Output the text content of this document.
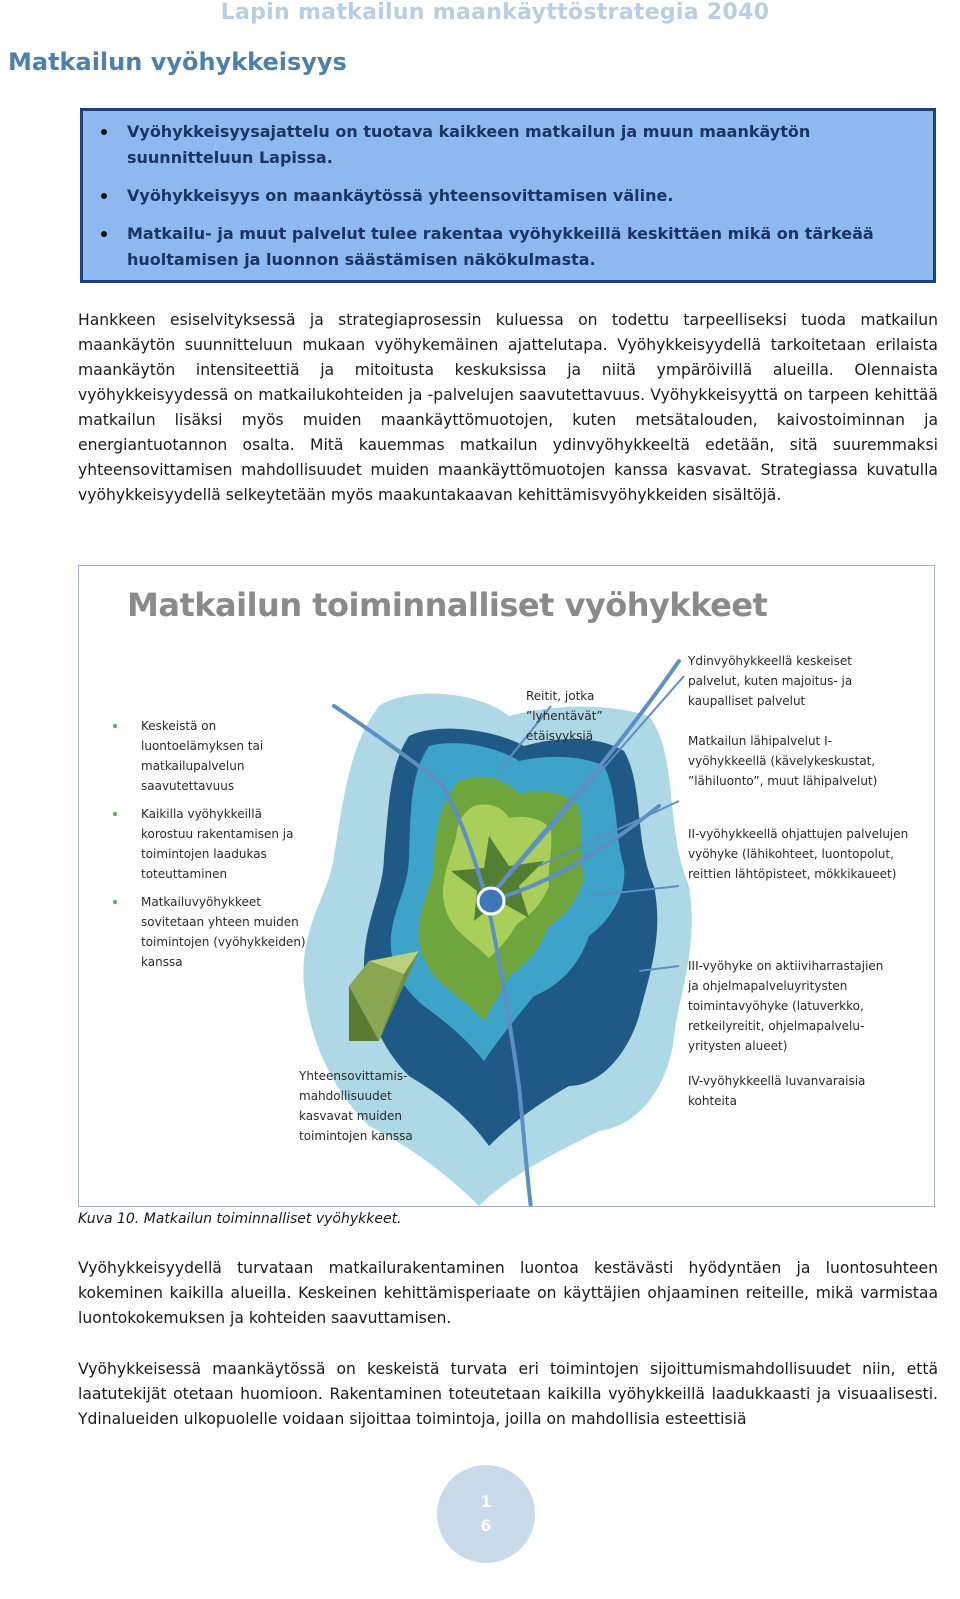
Lapin matkailun maankäyttöstrategia 2040
Matkailun vyöhykkeisyys
Vyöhykkeisyysajattelu on tuotava kaikkeen matkailun ja muun maankäytön suunnitteluun Lapissa.
Vyöhykkeisyys on maankäytössä yhteensovittamisen väline.
Matkailu- ja muut palvelut tulee rakentaa vyöhykkeillä keskittäen mikä on tärkeää huoltamisen ja luonnon säästämisen näkökulmasta.

Hankkeen esiselvityksessä ja strategiaprosessin kuluessa on todettu tarpeelliseksi tuoda matkailun maankäytön suunnitteluun mukaan vyöhykemäinen ajattelutapa. Vyöhykkeisyydellä tarkoitetaan erilaista maankäytön intensiteettiä ja mitoitusta keskuksissa ja niitä ympäröivillä alueilla. Olennaista vyöhykkeisyydessä on matkailukohteiden ja -palvelujen saavutettavuus. Vyöhykkeisyyttä on tarpeen kehittää matkailun lisäksi myös muiden maankäyttömuotojen, kuten metsätalouden, kaivostoiminnan ja energiantuotannon osalta. Mitä kauemmas matkailun ydinvyöhykkeeltä edetään, sitä suuremmaksi yhteensovittamisen mahdollisuudet muiden maankäyttömuotojen kanssa kasvavat. Strategiassa kuvatulla vyöhykkeisyydellä selkeytetään myös maakuntakaavan kehittämisvyöhykkeiden sisältöjä.

Matkailun toiminnalliset vyöhykkeet
Keskeistä on luontoelämyksen tai matkailupalvelun saavutettavuus
Kaikilla vyöhykkeillä korostuu rakentamisen ja toimintojen laadukas toteuttaminen
Matkailuvyöhykkeet sovitetaan yhteen muiden toimintojen (vyöhykkeiden) kanssa
Reitit, jotka ”lyhentävät” etäisyyksiä
Ydinvyöhykkeellä keskeiset palvelut, kuten majoitus- ja kaupalliset palvelut
Matkailun lähipalvelut I-vyöhykkeellä (kävelykeskustat, ”lähiluonto”, muut lähipalvelut)
II-vyöhykkeellä ohjattujen palvelujen vyöhyke (lähikohteet, luontopolut, reittien lähtöpisteet, mökkikaueet)
III-vyöhyke on aktiiviharrastajien ja ohjelmapalveluyritysten toimintavyöhyke (latuverkko, retkeilyreitit, ohjelmapalvelu-yritysten alueet)
IV-vyöhykkeellä luvanvaraisia kohteita
Yhteensovittamis-mahdollisuudet kasvavat muiden toimintojen kanssa
Kuva 10. Matkailun toiminnalliset vyöhykkeet.

Vyöhykkeisyydellä turvataan matkailurakentaminen luontoa kestävästi hyödyntäen ja luontosuhteen kokeminen kaikilla alueilla. Keskeinen kehittämisperiaate on käyttäjien ohjaaminen reiteille, mikä varmistaa luontokokemuksen ja kohteiden saavuttamisen.

Vyöhykkeisessä maankäytössä on keskeistä turvata eri toimintojen sijoittumismahdollisuudet niin, että laatutekijät otetaan huomioon. Rakentaminen toteutetaan kaikilla vyöhykkeillä laadukkaasti ja visuaalisesti. Ydinalueiden ulkopuolelle voidaan sijoittaa toimintoja, joilla on mahdollisia esteettisiä

1
6
